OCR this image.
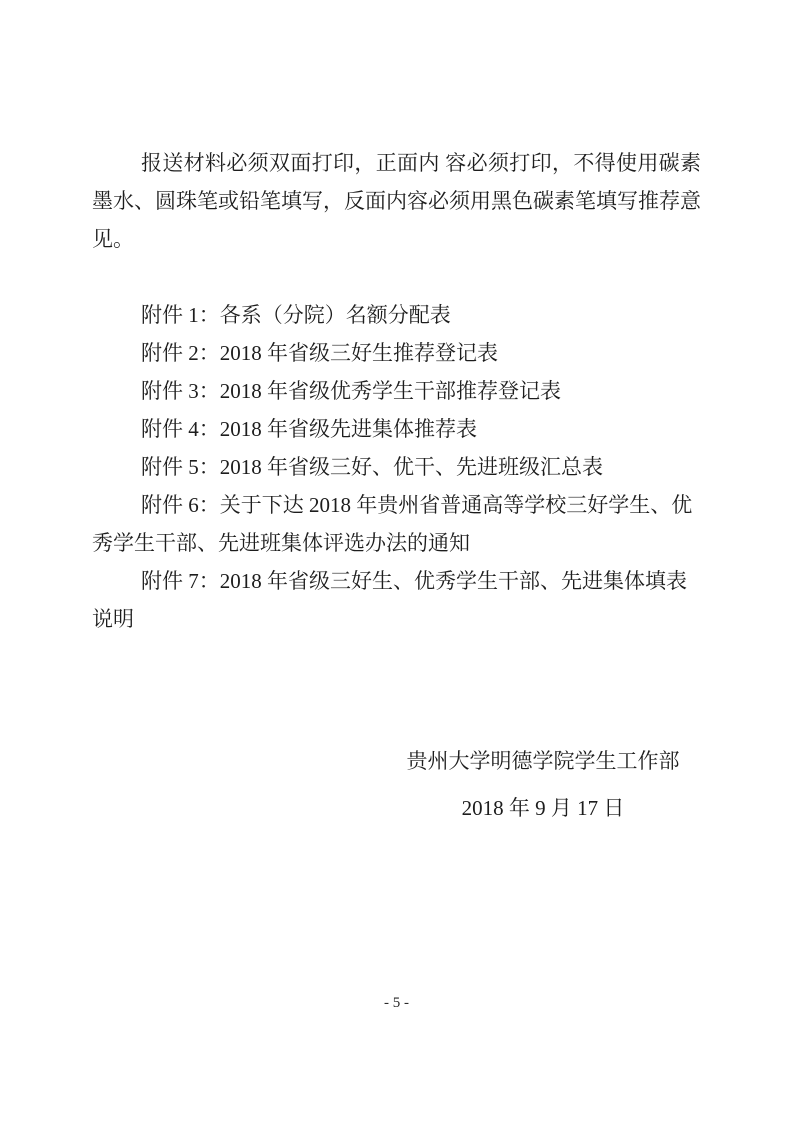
报送材料必须双面打印，正面内 容必须打印，不得使用碳素墨水、圆珠笔或铅笔填写，反面内容必须用黑色碳素笔填写推荐意见。

附件 1：各系（分院）名额分配表

附件 2：2018 年省级三好生推荐登记表

附件 3：2018 年省级优秀学生干部推荐登记表

附件 4：2018 年省级先进集体推荐表

附件 5：2018 年省级三好、优干、先进班级汇总表

附件 6：关于下达 2018 年贵州省普通高等学校三好学生、优秀学生干部、先进班集体评选办法的通知

附件 7：2018 年省级三好生、优秀学生干部、先进集体填表说明

贵州大学明德学院学生工作部

2018 年 9 月 17 日

- 5 -
